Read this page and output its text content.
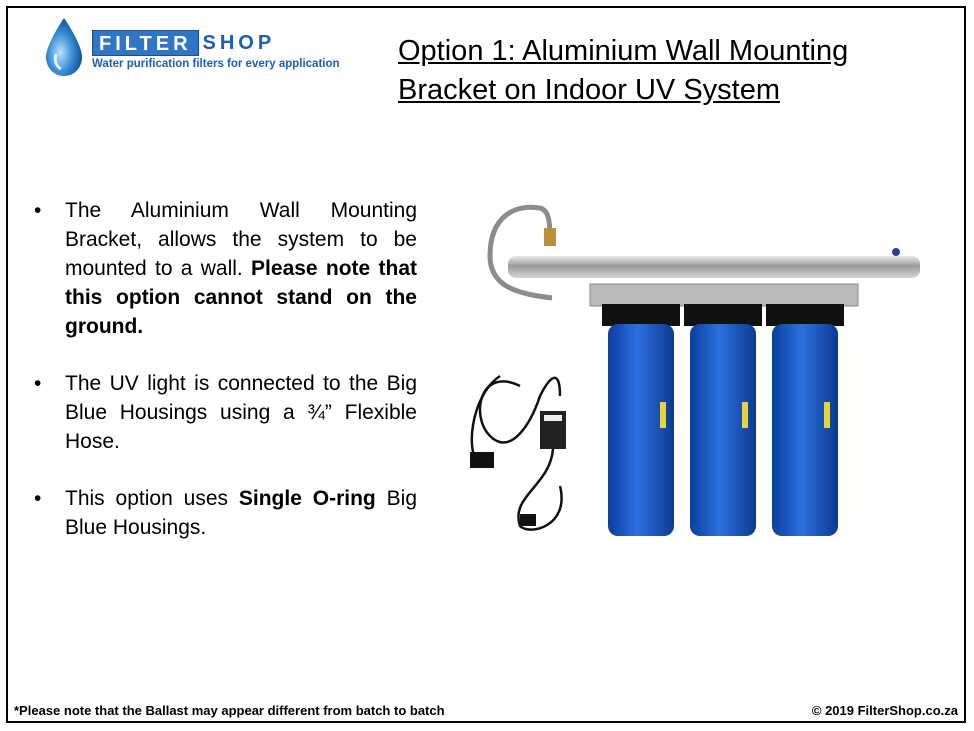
FILTER SHOP
Water purification filters for every application Option 1: Aluminium Wall Mounting
Bracket on Indoor UV System
• The Aluminium Wall Mounting Bracket, allows the system to be mounted to a wall. Please note that this option cannot stand on the ground.
• The UV light is connected to the Big Blue Housings using a ¾” Flexible Hose.
• This option uses Single O-ring Big Blue Housings.
*Please note that the Ballast may appear different from batch to batch	© 2019 FilterShop.co.za
